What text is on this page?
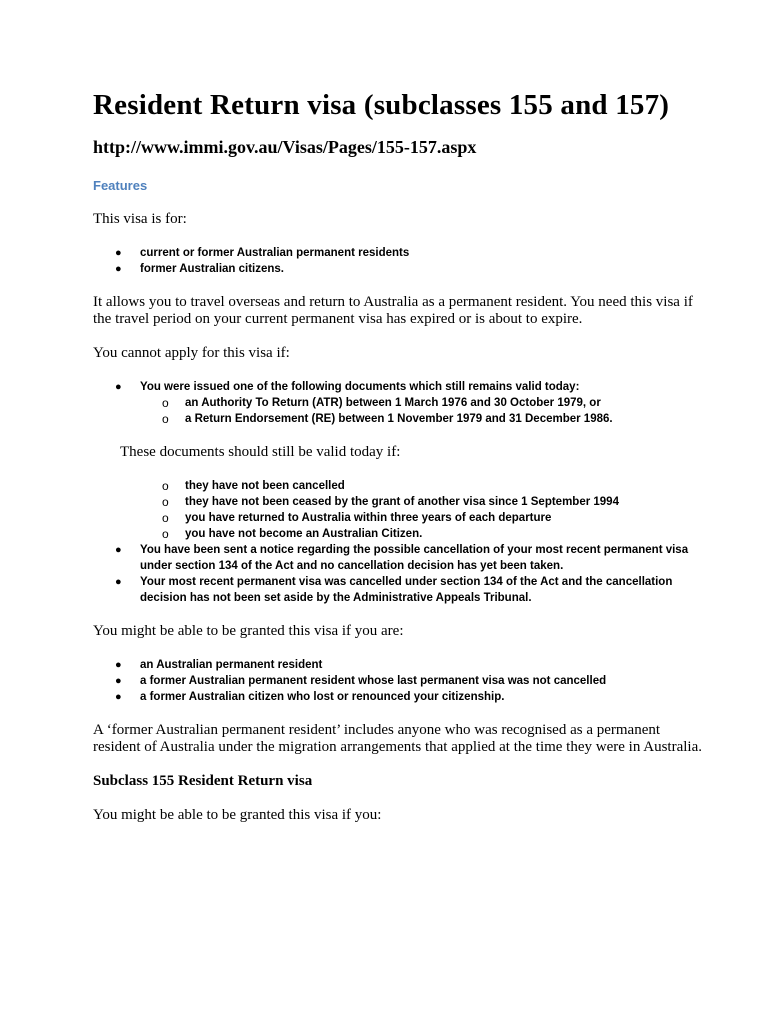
Resident Return visa (subclasses 155 and 157)
http://www.immi.gov.au/Visas/Pages/155-157.aspx
Features

This visa is for:

● current or former Australian permanent residents
● former Australian citizens.

It allows you to travel overseas and return to Australia as a permanent resident. You need this visa if the travel period on your current permanent visa has expired or is about to expire.

You cannot apply for this visa if:

● You were issued one of the following documents which still remains valid today:
o an Authority To Return (ATR) between 1 March 1976 and 30 October 1979, or
o a Return Endorsement (RE) between 1 November 1979 and 31 December 1986.

These documents should still be valid today if:

o they have not been cancelled
o they have not been ceased by the grant of another visa since 1 September 1994
o you have returned to Australia within three years of each departure
o you have not become an Australian Citizen.
● You have been sent a notice regarding the possible cancellation of your most recent permanent visa under section 134 of the Act and no cancellation decision has yet been taken.
● Your most recent permanent visa was cancelled under section 134 of the Act and the cancellation decision has not been set aside by the Administrative Appeals Tribunal.

You might be able to be granted this visa if you are:

● an Australian permanent resident
● a former Australian permanent resident whose last permanent visa was not cancelled
● a former Australian citizen who lost or renounced your citizenship.

A ‘former Australian permanent resident’ includes anyone who was recognised as a permanent resident of Australia under the migration arrangements that applied at the time they were in Australia.

Subclass 155 Resident Return visa

You might be able to be granted this visa if you:
